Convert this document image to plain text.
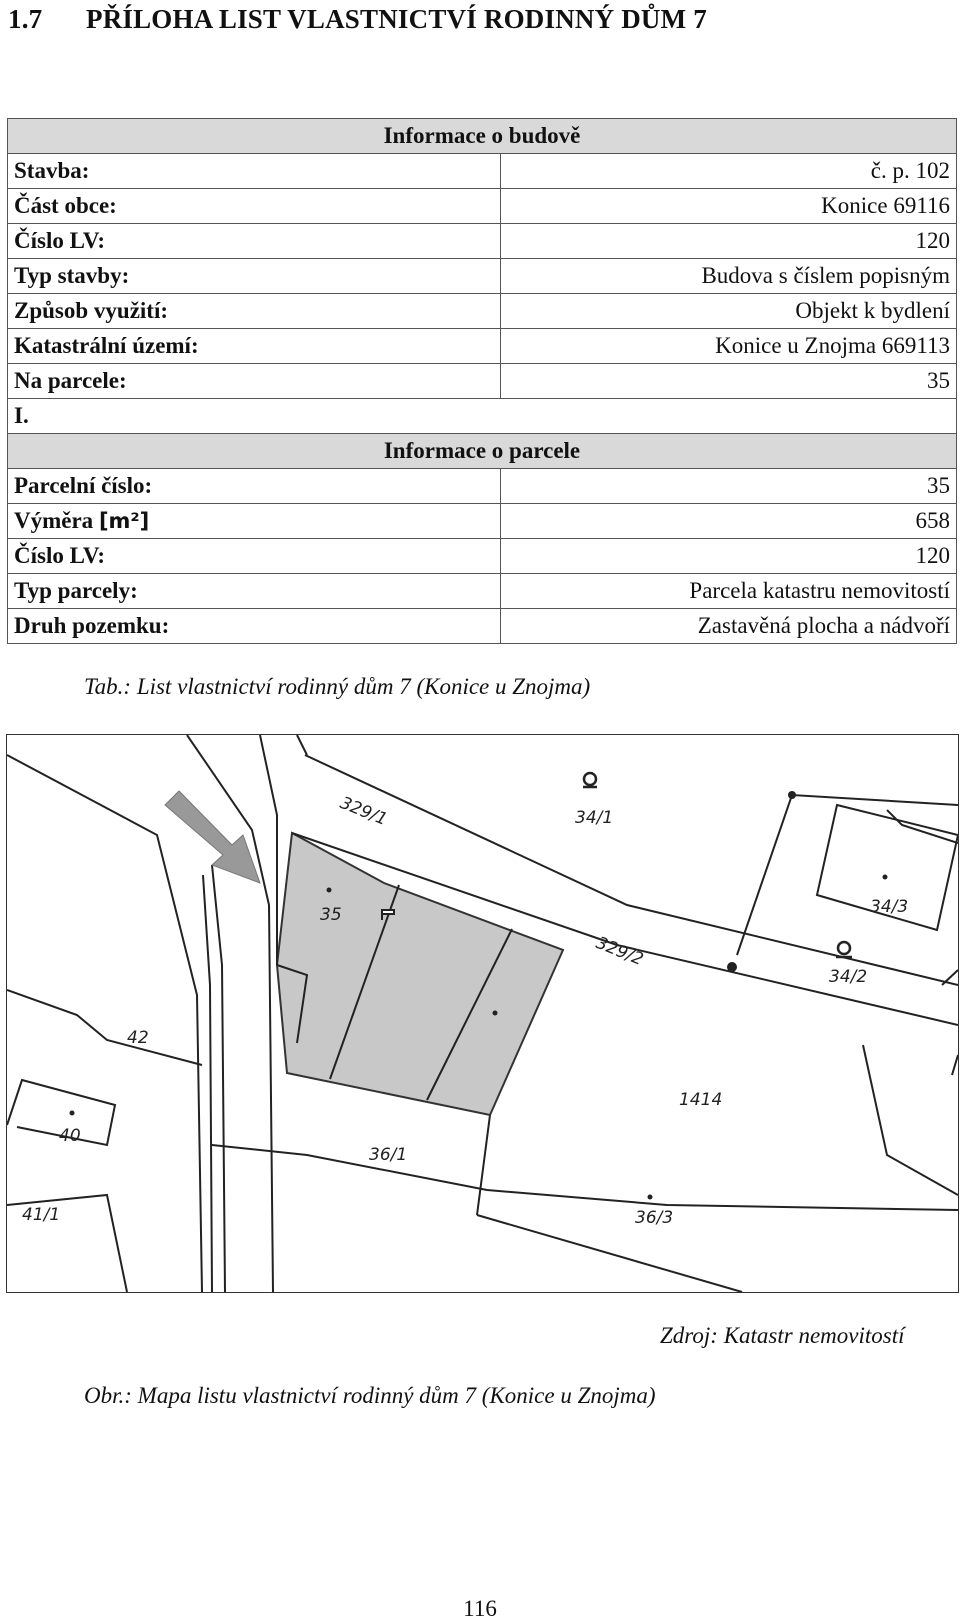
1.7 PŘÍLOHA LIST VLASTNICTVÍ RODINNÝ DŮM 7
Informace o budově	
Stavba:	č. p. 102
Část obce:	Konice 69116
Číslo LV:	120
Typ stavby:	Budova s číslem popisným
Způsob využití:	Objekt k bydlení
Katastrální území:	Konice u Znojma 669113
Na parcele:	35
I.	
Informace o parcele	
Parcelní číslo:	35
Výměra [m²]	658
Číslo LV:	120
Typ parcely:	Parcela katastru nemovitostí
Druh pozemku:	Zastavěná plocha a nádvoří
Tab.: List vlastnictví rodinný dům 7 (Konice u Znojma)
329/1	34/1
34/3
329/2
34/2
35
42
1414
40
36/1
41/1	36/3
Zdroj: Katastr nemovitostí
Obr.: Mapa listu vlastnictví rodinný dům 7 (Konice u Znojma)
116
